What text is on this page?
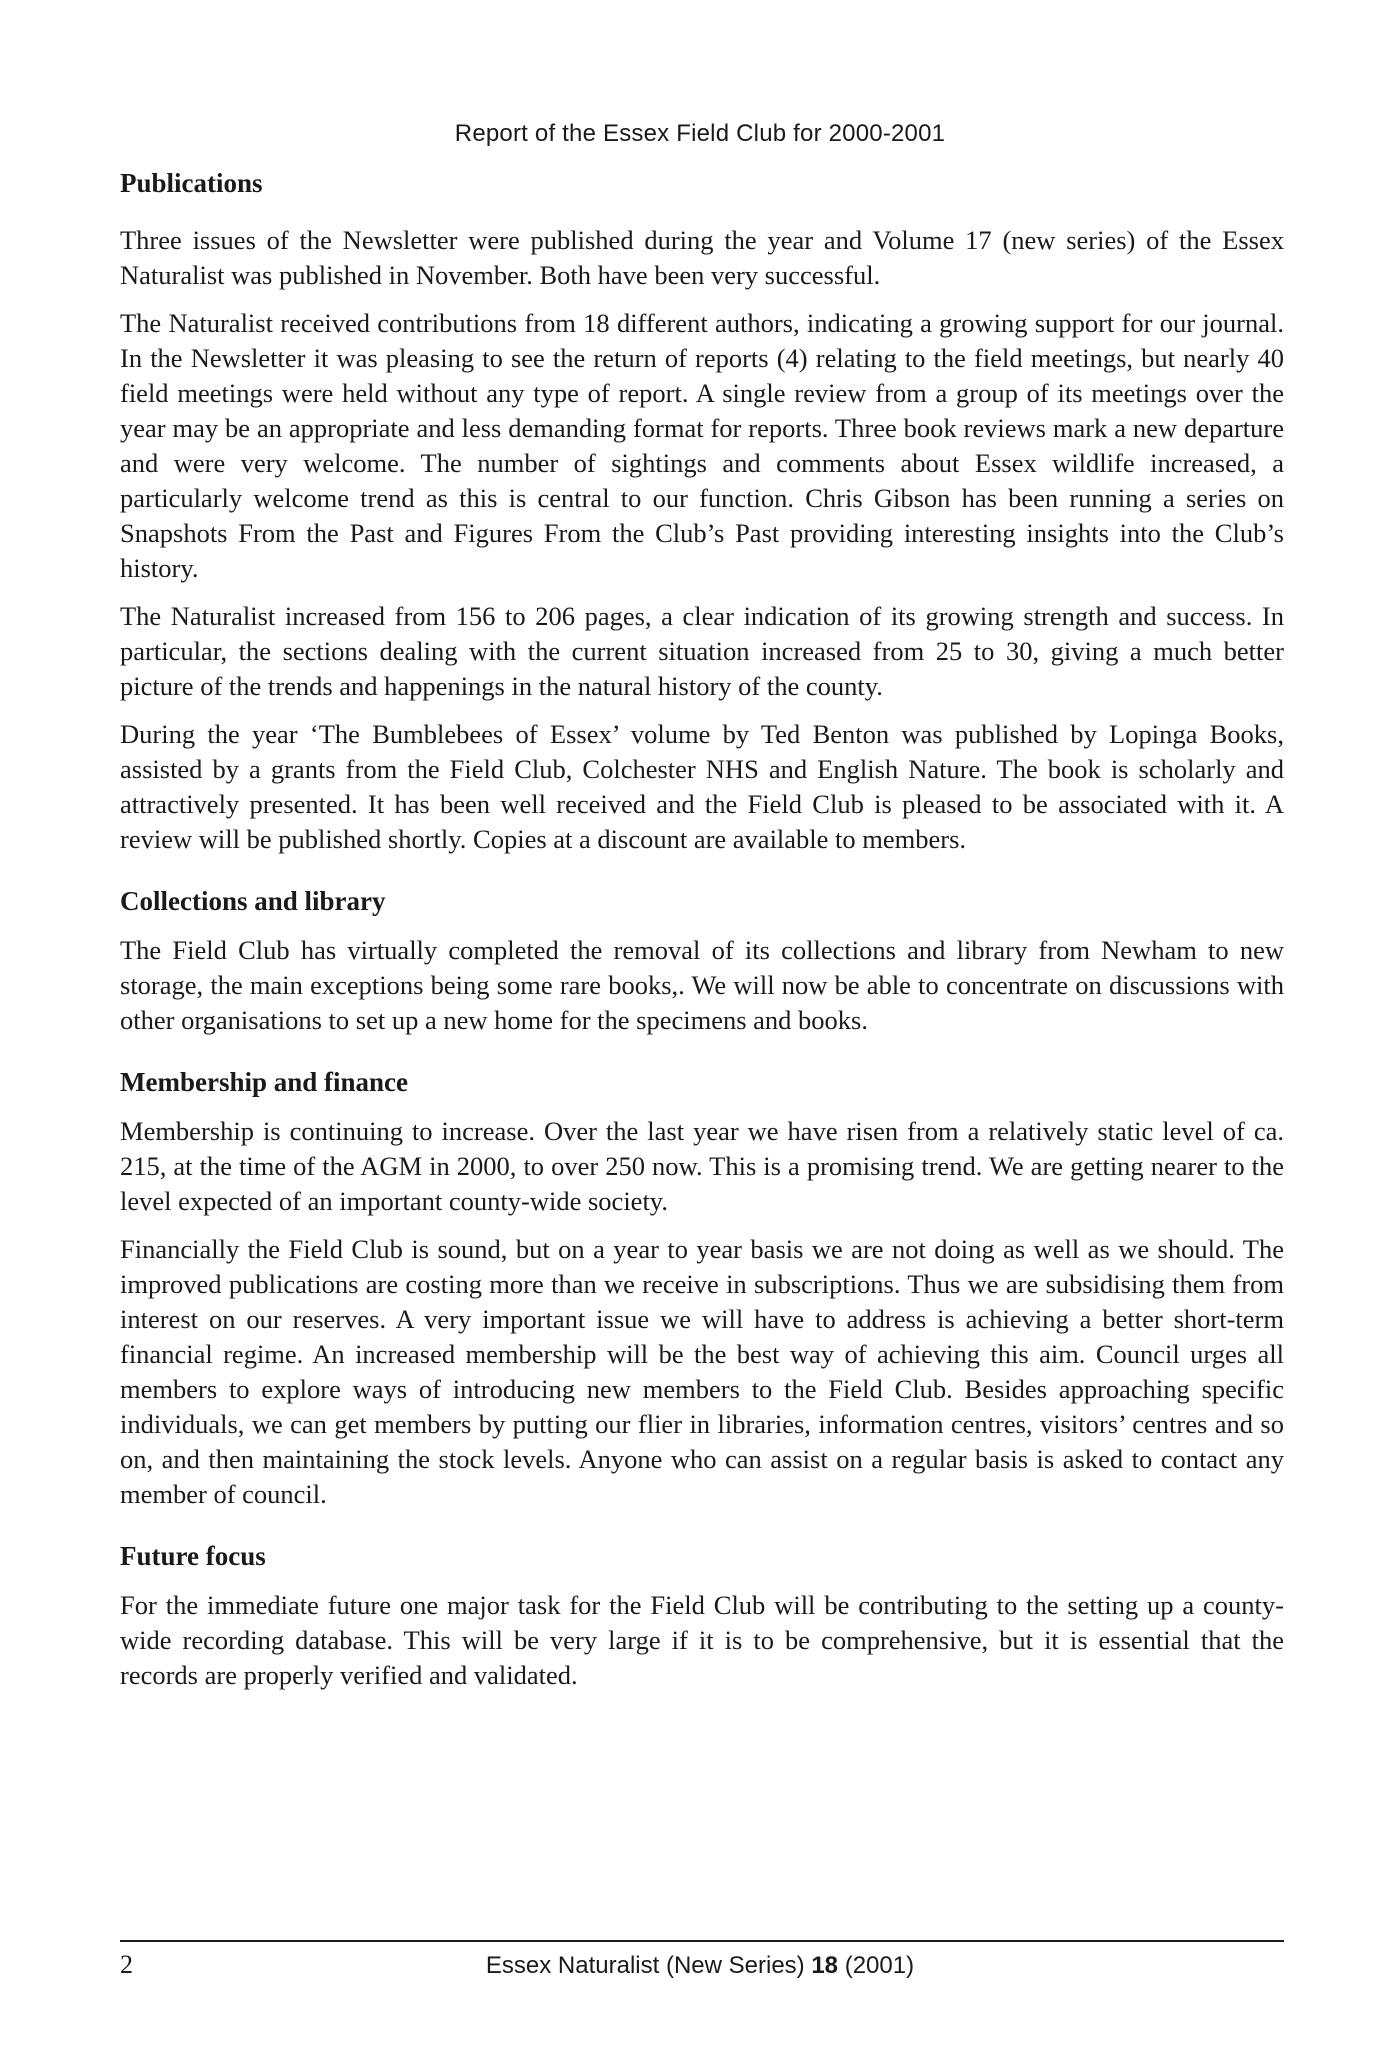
Report of the Essex Field Club for 2000-2001
Publications

Three issues of the Newsletter were published during the year and Volume 17 (new series) of the Essex Naturalist was published in November. Both have been very successful.

The Naturalist received contributions from 18 different authors, indicating a growing support for our journal. In the Newsletter it was pleasing to see the return of reports (4) relating to the field meetings, but nearly 40 field meetings were held without any type of report. A single review from a group of its meetings over the year may be an appropriate and less demanding format for reports. Three book reviews mark a new departure and were very welcome. The number of sightings and comments about Essex wildlife increased, a particularly welcome trend as this is central to our function. Chris Gibson has been running a series on Snapshots From the Past and Figures From the Club’s Past providing interesting insights into the Club’s history.

The Naturalist increased from 156 to 206 pages, a clear indication of its growing strength and success. In particular, the sections dealing with the current situation increased from 25 to 30, giving a much better picture of the trends and happenings in the natural history of the county.

During the year ‘The Bumblebees of Essex’ volume by Ted Benton was published by Lopinga Books, assisted by a grants from the Field Club, Colchester NHS and English Nature. The book is scholarly and attractively presented. It has been well received and the Field Club is pleased to be associated with it. A review will be published shortly. Copies at a discount are available to members.

Collections and library

The Field Club has virtually completed the removal of its collections and library from Newham to new storage, the main exceptions being some rare books,. We will now be able to concentrate on discussions with other organisations to set up a new home for the specimens and books.

Membership and finance

Membership is continuing to increase. Over the last year we have risen from a relatively static level of ca. 215, at the time of the AGM in 2000, to over 250 now. This is a promising trend. We are getting nearer to the level expected of an important county-wide society.

Financially the Field Club is sound, but on a year to year basis we are not doing as well as we should. The improved publications are costing more than we receive in subscriptions. Thus we are subsidising them from interest on our reserves. A very important issue we will have to address is achieving a better short-term financial regime. An increased membership will be the best way of achieving this aim. Council urges all members to explore ways of introducing new members to the Field Club. Besides approaching specific individuals, we can get members by putting our flier in libraries, information centres, visitors’ centres and so on, and then maintaining the stock levels. Anyone who can assist on a regular basis is asked to contact any member of council.

Future focus

For the immediate future one major task for the Field Club will be contributing to the setting up a county-wide recording database. This will be very large if it is to be comprehensive, but it is essential that the records are properly verified and validated.

2	Essex Naturalist (New Series) 18 (2001)
